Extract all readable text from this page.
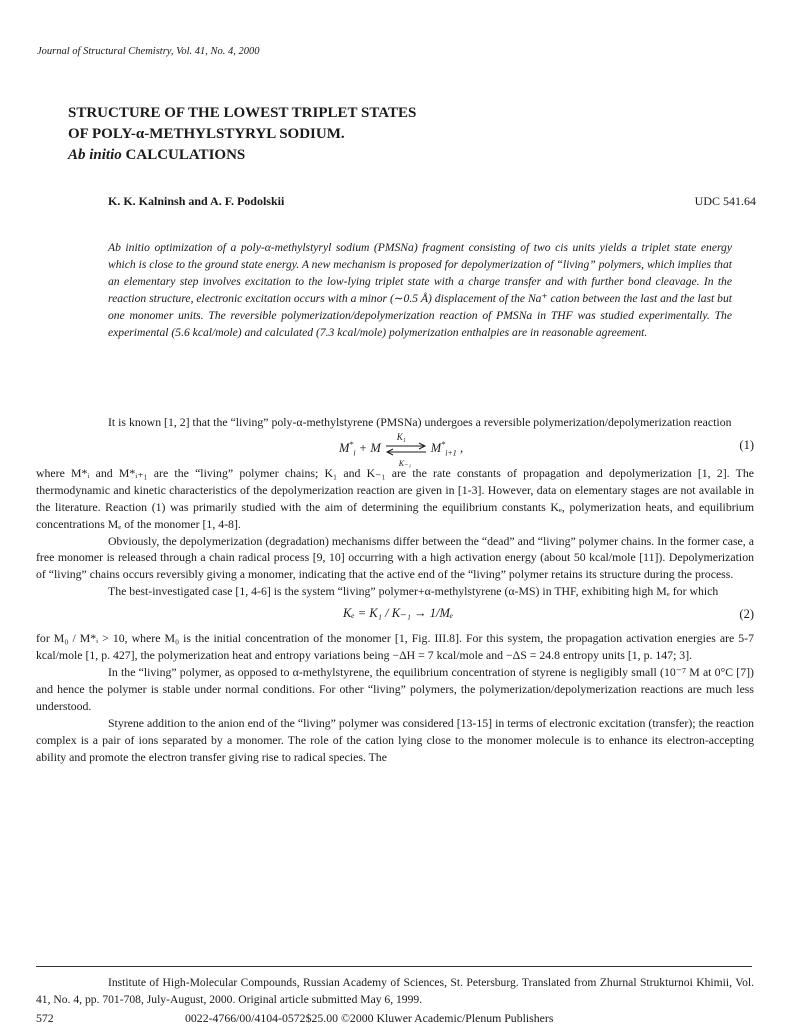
Journal of Structural Chemistry, Vol. 41, No. 4, 2000
STRUCTURE OF THE LOWEST TRIPLET STATES
OF POLY-α-METHYLSTYRYL SODIUM.
Ab initio CALCULATIONS
K. K. Kalninsh and A. F. Podolskii	UDC 541.64
Ab initio optimization of a poly-α-methylstyryl sodium (PMSNa) fragment consisting of two cis units yields a triplet state energy which is close to the ground state energy. A new mechanism is proposed for depolymerization of “living” polymers, which implies that an elementary step involves excitation to the low-lying triplet state with a charge transfer and with further bond cleavage. In the reaction structure, electronic excitation occurs with a minor (∼0.5 Å) displacement of the Na⁺ cation between the last and the last but one monomer units. The reversible polymerization/depolymerization reaction of PMSNa in THF was studied experimentally. The experimental (5.6 kcal/mole) and calculated (7.3 kcal/mole) polymerization enthalpies are in reasonable agreement.

It is known [1, 2] that the “living” poly-α-methylstyrene (PMSNa) undergoes a reversible polymerization/depolymerization reaction

$M^*_i + M$
K₁
K₋₁
$M^*_{i+1}$ ,	(1)

where M*ᵢ and M*ᵢ₊₁ are the “living” polymer chains; K₁ and K₋₁ are the rate constants of propagation and depolymerization [1, 2]. The thermodynamic and kinetic characteristics of the depolymerization reaction are given in [1-3]. However, data on elementary stages are not available in the literature. Reaction (1) was primarily studied with the aim of determining the equilibrium constants Kₑ, polymerization heats, and equilibrium concentrations Mₑ of the monomer [1, 4-8].

Obviously, the depolymerization (degradation) mechanisms differ between the “dead” and “living” polymer chains. In the former case, a free monomer is released through a chain radical process [9, 10] occurring with a high activation energy (about 50 kcal/mole [11]). Depolymerization of “living” chains occurs reversibly giving a monomer, indicating that the active end of the “living” polymer retains its structure during the process.

The best-investigated case [1, 4-6] is the system “living” polymer+α-methylstyrene (α-MS) in THF, exhibiting high Mₑ for which

Kₑ = K₁ / K₋₁ → 1/Mₑ	(2)

for M₀ / M*ᵢ > 10, where M₀ is the initial concentration of the monomer [1, Fig. III.8]. For this system, the propagation activation energies are 5-7 kcal/mole [1, p. 427], the polymerization heat and entropy variations being −ΔH = 7 kcal/mole and −ΔS = 24.8 entropy units [1, p. 147; 3].

In the “living” polymer, as opposed to α-methylstyrene, the equilibrium concentration of styrene is negligibly small (10⁻⁷ M at 0°C [7]) and hence the polymer is stable under normal conditions. For other “living” polymers, the polymerization/depolymerization reactions are much less understood.

Styrene addition to the anion end of the “living” polymer was considered [13-15] in terms of electronic excitation (transfer); the reaction complex is a pair of ions separated by a monomer. The role of the cation lying close to the monomer molecule is to enhance its electron-accepting ability and promote the electron transfer giving rise to radical species. The

Institute of High-Molecular Compounds, Russian Academy of Sciences, St. Petersburg. Translated from Zhurnal Strukturnoi Khimii, Vol. 41, No. 4, pp. 701-708, July-August, 2000. Original article submitted May 6, 1999.
572	0022-4766/00/4104-0572$25.00 ©2000 Kluwer Academic/Plenum Publishers
